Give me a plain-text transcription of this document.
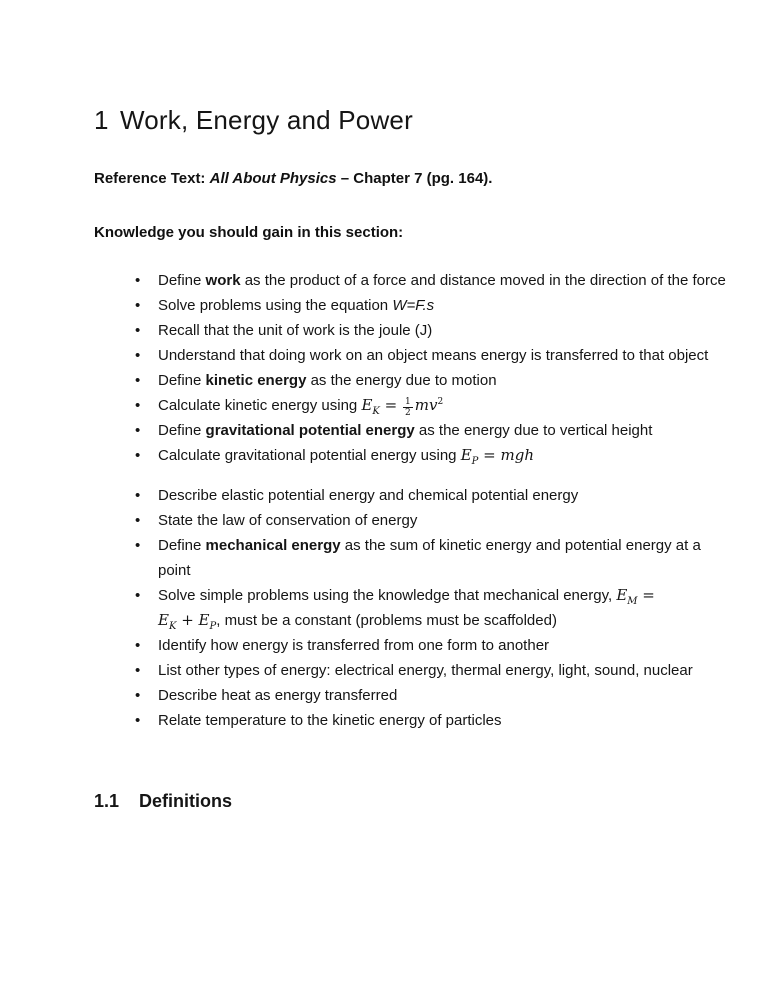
1 Work, Energy and Power

Reference Text: All About Physics – Chapter 7 (pg. 164).

Knowledge you should gain in this section:

• Define work as the product of a force and distance moved in the direction of the force
• Solve problems using the equation W=F.s
• Recall that the unit of work is the joule (J)
• Understand that doing work on an object means energy is transferred to that object
• Define kinetic energy as the energy due to motion
• Calculate kinetic energy using $E_K = \frac{1}{2} mv^2$
• Define gravitational potential energy as the energy due to vertical height
• Calculate gravitational potential energy using $E_P$ = mgh
• Describe elastic potential energy and chemical potential energy
• State the law of conservation of energy
• Define mechanical energy as the sum of kinetic energy and potential energy at a point
• Solve simple problems using the knowledge that mechanical energy, $E_M$ =
$E_K + E_P$, must be a constant (problems must be scaffolded)
• Identify how energy is transferred from one form to another
• List other types of energy: electrical energy, thermal energy, light, sound, nuclear
• Describe heat as energy transferred
• Relate temperature to the kinetic energy of particles
1.1 Definitions
